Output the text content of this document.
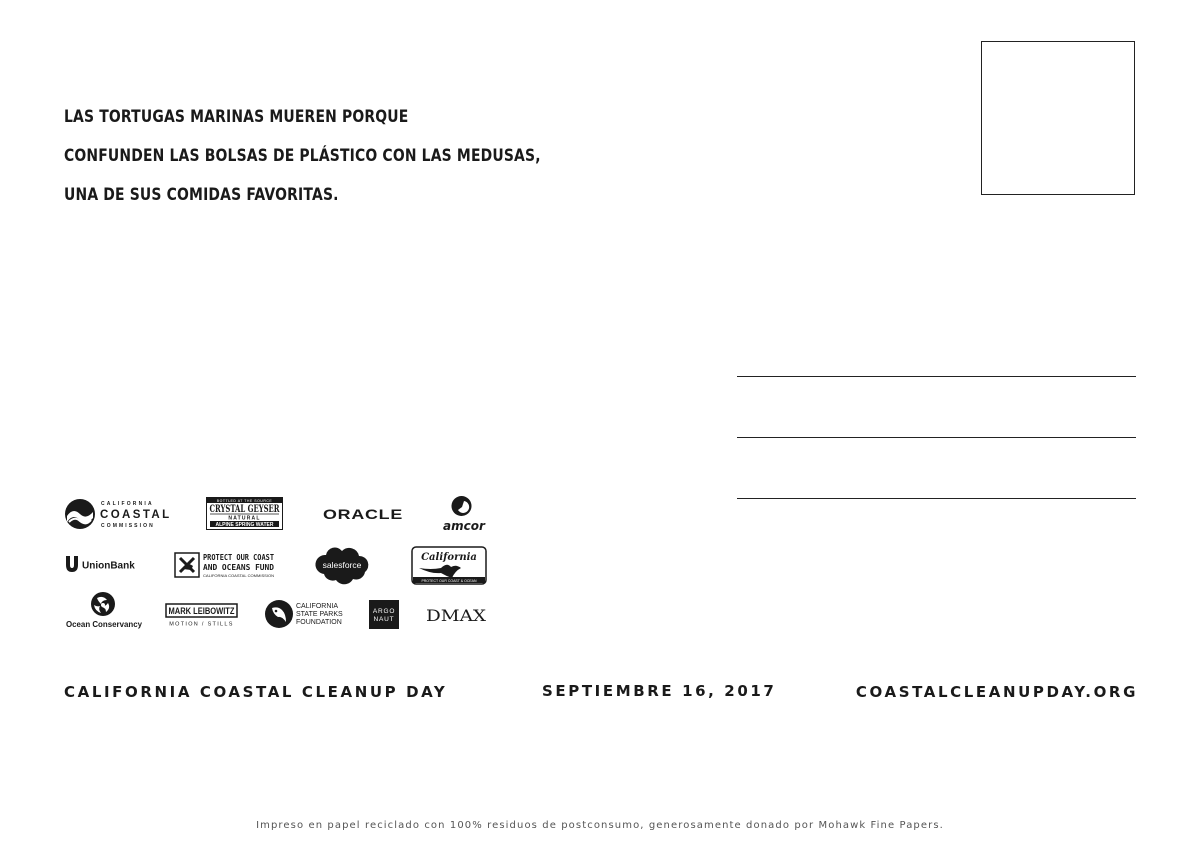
LAS TORTUGAS MARINAS MUEREN PORQUE
CONFUNDEN LAS BOLSAS DE PLÁSTICO CON LAS MEDUSAS,
UNA DE SUS COMIDAS FAVORITAS.
CALIFORNIA
COASTAL
COMMISSION
BOTTLED AT THE SOURCE
CRYSTAL GEYSER
NATURAL
ALPINE SPRING WATER
ORACLE
amcor
UnionBank
PROTECT OUR COAST
AND OCEANS FUND
CALIFORNIA COASTAL COMMISSION
salesforce
California
PROTECT OUR COAST & OCEAN
Ocean Conservancy
MARK LEIBOWITZ
MOTION / STILLS
CALIFORNIA
STATE PARKS
FOUNDATION
ARGO
NAUT DMAX
CALIFORNIA COASTAL CLEANUP DAY	SEPTIEMBRE 16, 2017	COASTALCLEANUPDAY.ORG
Impreso en papel reciclado con 100% residuos de postconsumo, generosamente donado por Mohawk Fine Papers.
